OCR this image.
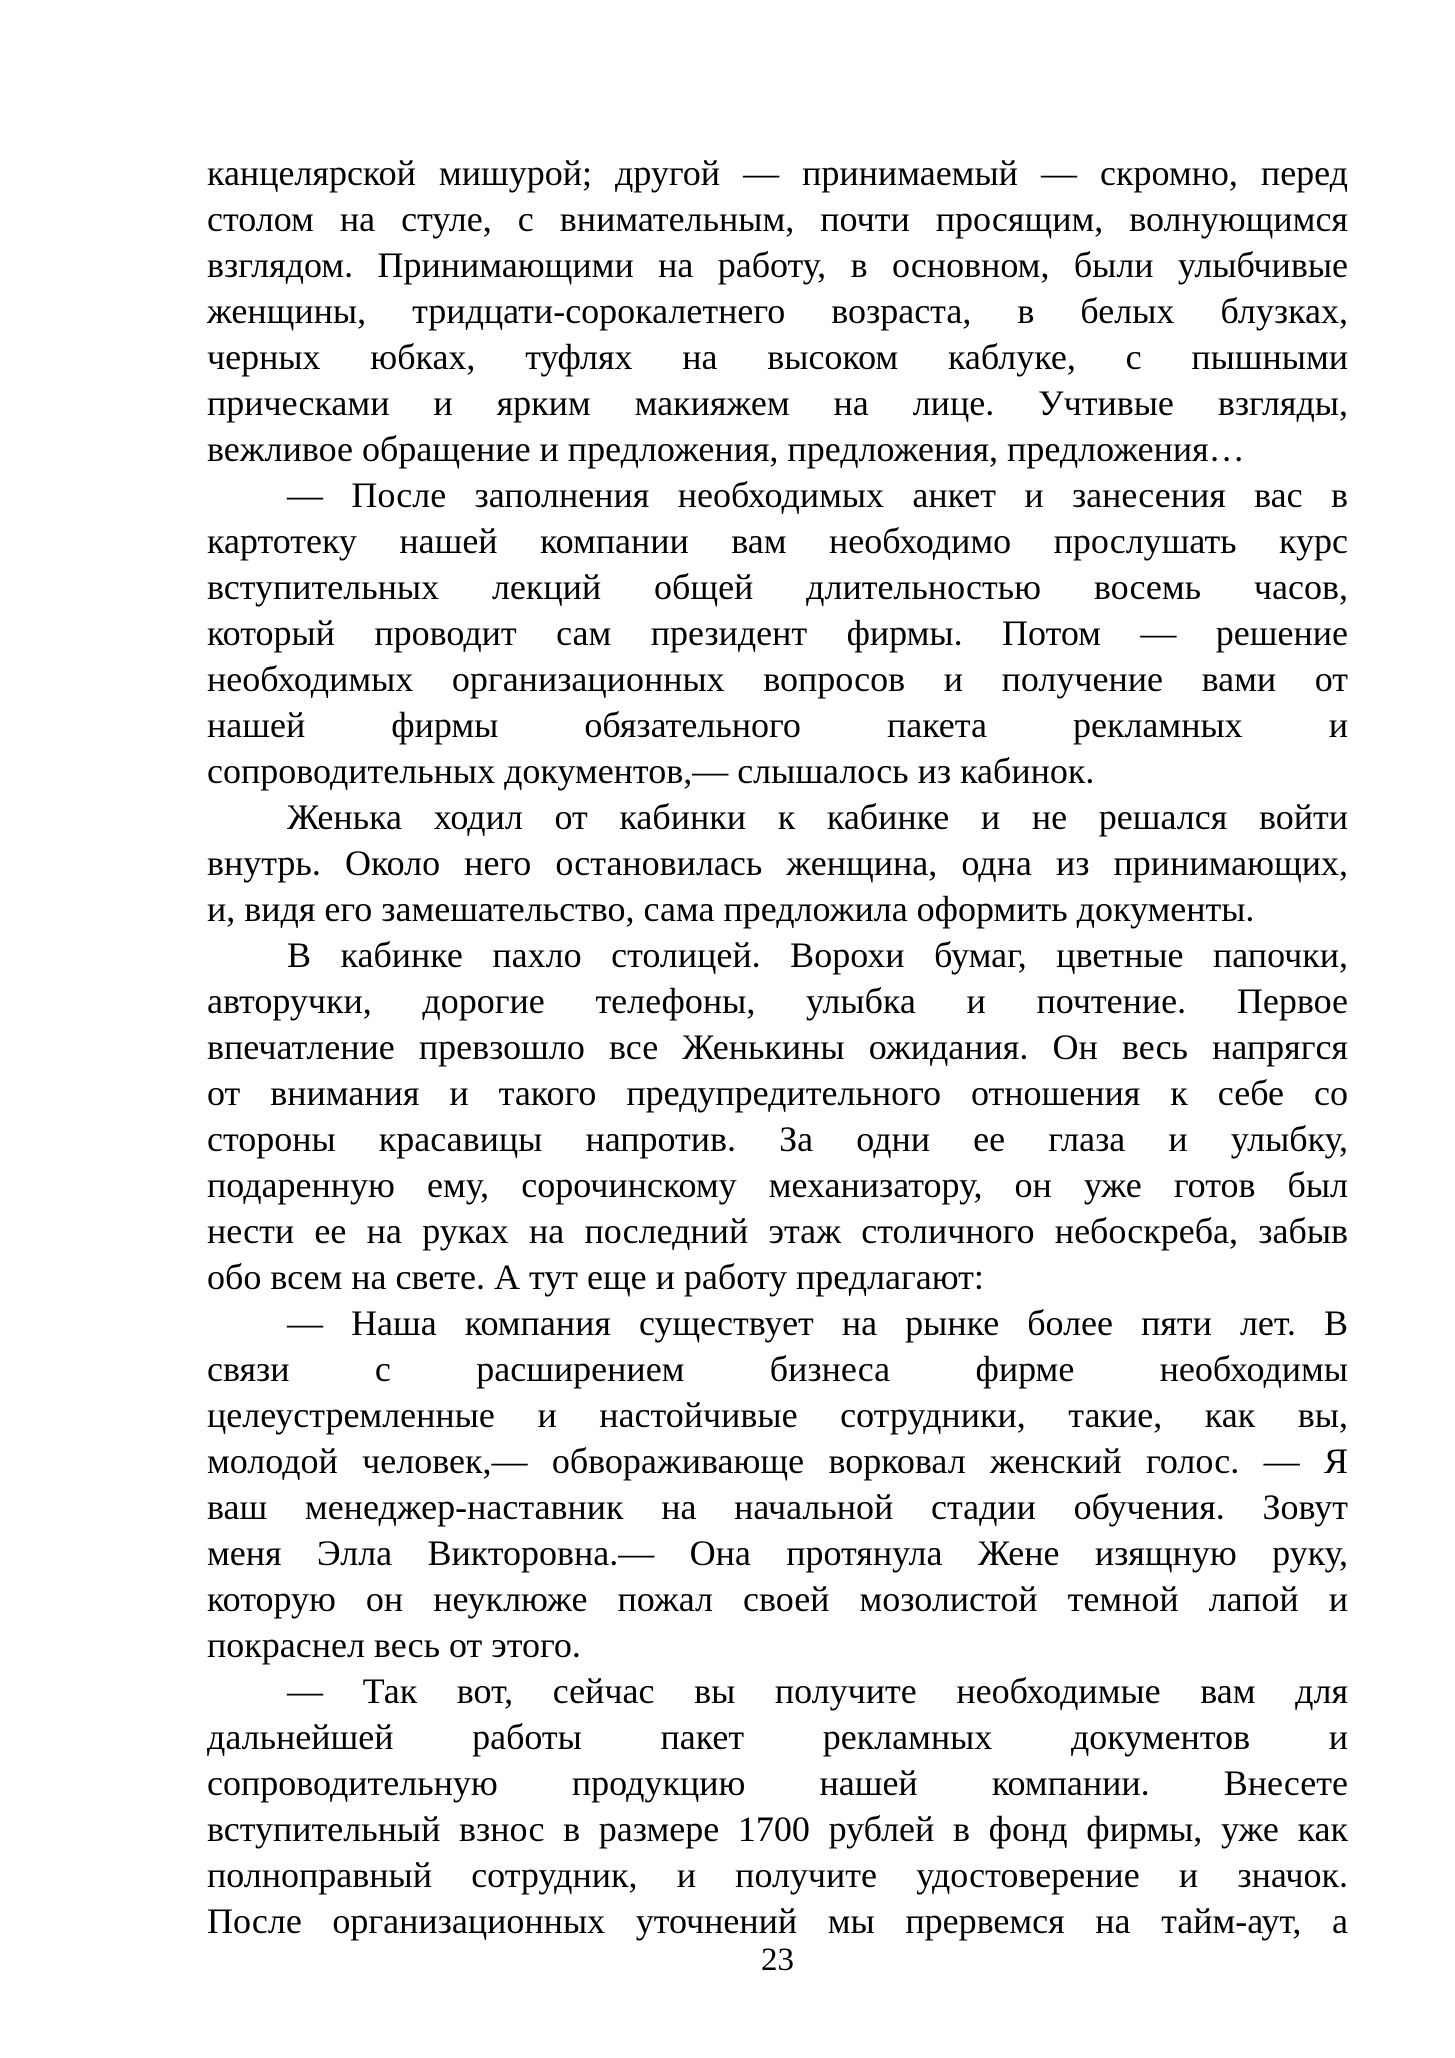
канцелярской мишурой; другой — принимаемый — скромно, перед
столом на стуле, с внимательным, почти просящим, волнующимся
взглядом. Принимающими на работу, в основном, были улыбчивые
женщины, тридцати-сорокалетнего возраста, в белых блузках,
черных юбках, туфлях на высоком каблуке, с пышными
прическами и ярким макияжем на лице. Учтивые взгляды,
вежливое обращение и предложения, предложения, предложения…
— После заполнения необходимых анкет и занесения вас в
картотеку нашей компании вам необходимо прослушать курс
вступительных лекций общей длительностью восемь часов,
который проводит сам президент фирмы. Потом — решение
необходимых организационных вопросов и получение вами от
нашей фирмы обязательного пакета рекламных и
сопроводительных документов,— слышалось из кабинок.
Женька ходил от кабинки к кабинке и не решался войти
внутрь. Около него остановилась женщина, одна из принимающих,
и, видя его замешательство, сама предложила оформить документы.
В кабинке пахло столицей. Ворохи бумаг, цветные папочки,
авторучки, дорогие телефоны, улыбка и почтение. Первое
впечатление превзошло все Женькины ожидания. Он весь напрягся
от внимания и такого предупредительного отношения к себе со
стороны красавицы напротив. За одни ее глаза и улыбку,
подаренную ему, сорочинскому механизатору, он уже готов был
нести ее на руках на последний этаж столичного небоскреба, забыв
обо всем на свете. А тут еще и работу предлагают:
— Наша компания существует на рынке более пяти лет. В
связи с расширением бизнеса фирме необходимы
целеустремленные и настойчивые сотрудники, такие, как вы,
молодой человек,— обвораживающе ворковал женский голос. — Я
ваш менеджер-наставник на начальной стадии обучения. Зовут
меня Элла Викторовна.— Она протянула Жене изящную руку,
которую он неуклюже пожал своей мозолистой темной лапой и
покраснел весь от этого.
— Так вот, сейчас вы получите необходимые вам для
дальнейшей работы пакет рекламных документов и
сопроводительную продукцию нашей компании. Внесете
вступительный взнос в размере 1700 рублей в фонд фирмы, уже как
полноправный сотрудник, и получите удостоверение и значок.
После организационных уточнений мы прервемся на тайм-аут, а
23
